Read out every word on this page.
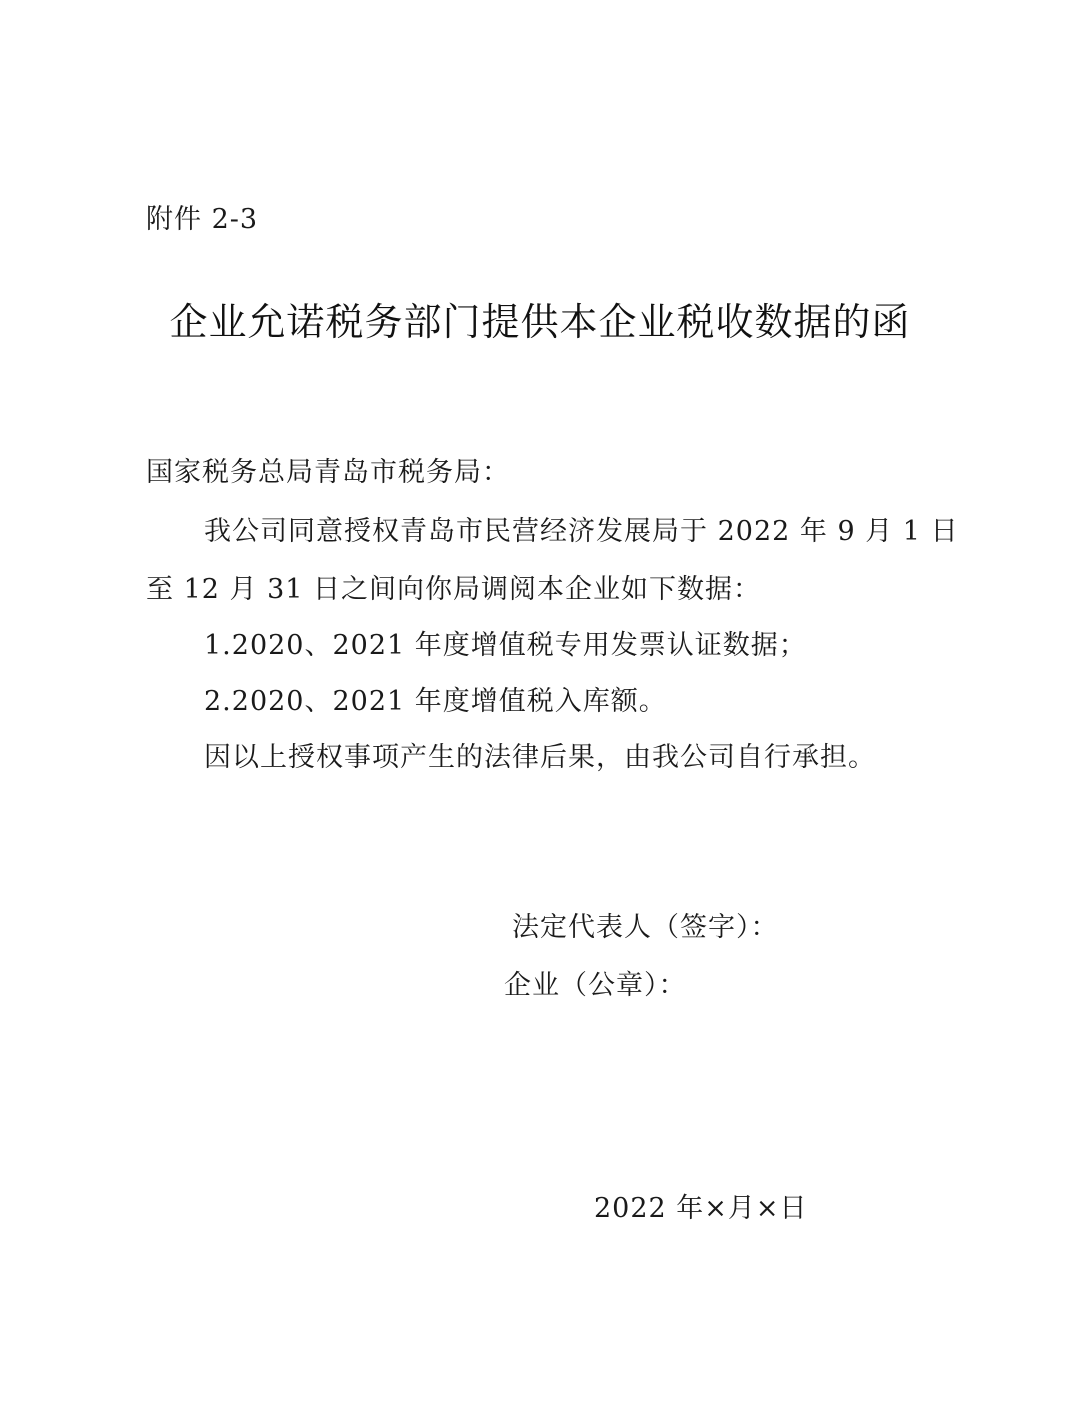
附件 2-3
企业允诺税务部门提供本企业税收数据的函
国家税务总局青岛市税务局：
我公司同意授权青岛市民营经济发展局于 2022 年 9 月 1 日
至 12 月 31 日之间向你局调阅本企业如下数据：
1.2020、2021 年度增值税专用发票认证数据；
2.2020、2021 年度增值税入库额。
因以上授权事项产生的法律后果，由我公司自行承担。
法定代表人（签字）：
企业（公章）：
2022 年×月×日
